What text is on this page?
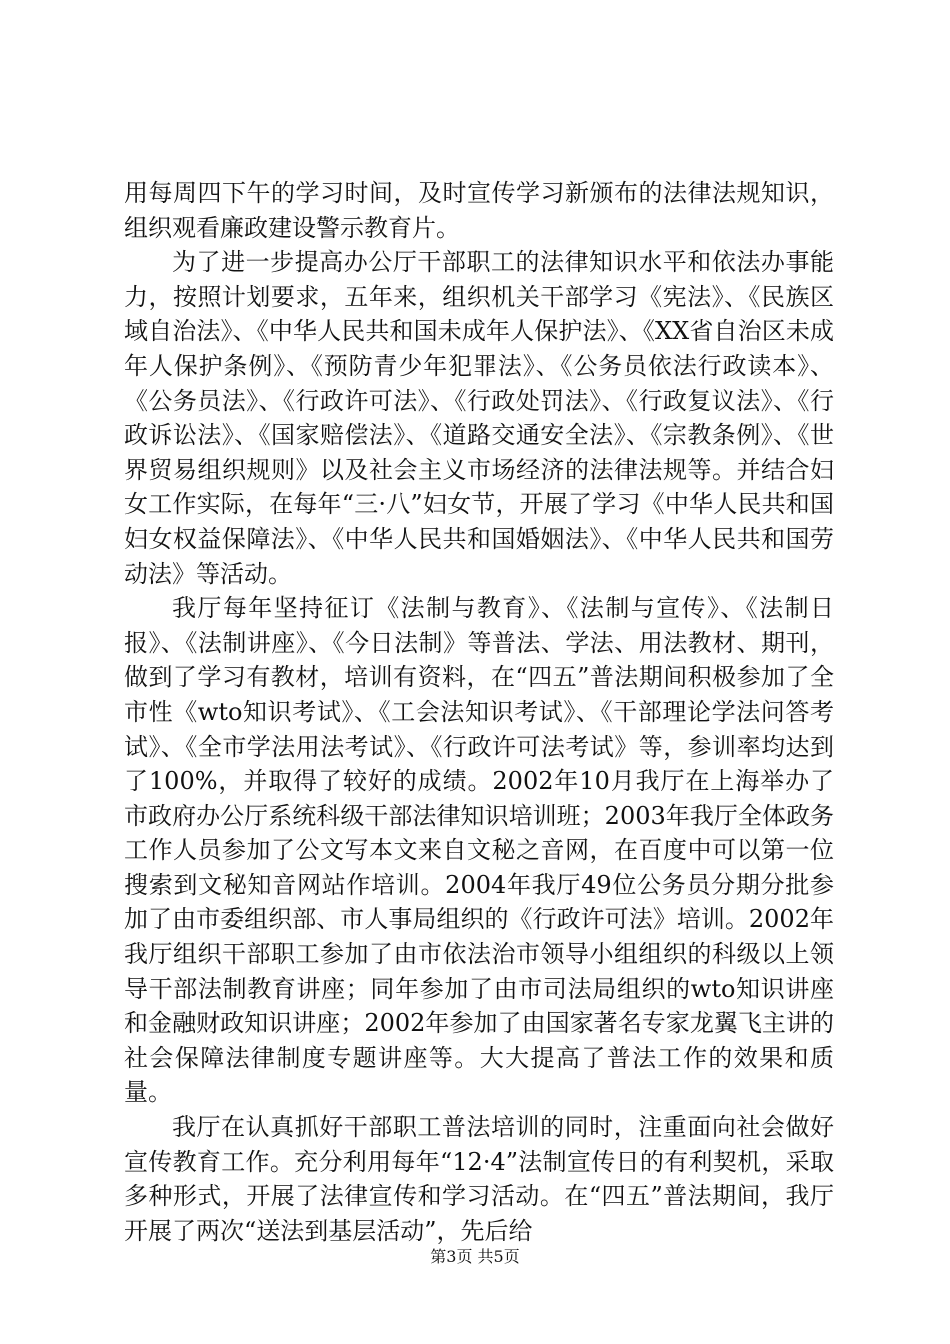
用每周四下午的学习时间，及时宣传学习新颁布的法律法规知识，组织观看廉政建设警示教育片。

为了进一步提高办公厅干部职工的法律知识水平和依法办事能力，按照计划要求，五年来，组织机关干部学习《宪法》、《民族区域自治法》、《中华人民共和国未成年人保护法》、《XX省自治区未成年人保护条例》、《预防青少年犯罪法》、《公务员依法行政读本》、《公务员法》、《行政许可法》、《行政处罚法》、《行政复议法》、《行政诉讼法》、《国家赔偿法》、《道路交通安全法》、《宗教条例》、《世界贸易组织规则》以及社会主义市场经济的法律法规等。并结合妇女工作实际，在每年“三·八”妇女节，开展了学习《中华人民共和国妇女权益保障法》、《中华人民共和国婚姻法》、《中华人民共和国劳动法》等活动。

我厅每年坚持征订《法制与教育》、《法制与宣传》、《法制日报》、《法制讲座》、《今日法制》等普法、学法、用法教材、期刊，做到了学习有教材，培训有资料，在“四五”普法期间积极参加了全市性《wto知识考试》、《工会法知识考试》、《干部理论学法问答考试》、《全市学法用法考试》、《行政许可法考试》等，参训率均达到了100%，并取得了较好的成绩。2002年10月我厅在上海举办了市政府办公厅系统科级干部法律知识培训班；2003年我厅全体政务工作人员参加了公文写本文来自文秘之音网，在百度中可以第一位搜索到文秘知音网站作培训。2004年我厅49位公务员分期分批参加了由市委组织部、市人事局组织的《行政许可法》培训。2002年我厅组织干部职工参加了由市依法治市领导小组组织的科级以上领导干部法制教育讲座；同年参加了由市司法局组织的wto知识讲座和金融财政知识讲座；2002年参加了由国家著名专家龙翼飞主讲的社会保障法律制度专题讲座等。大大提高了普法工作的效果和质量。

我厅在认真抓好干部职工普法培训的同时，注重面向社会做好宣传教育工作。充分利用每年“12·4”法制宣传日的有利契机，采取多种形式，开展了法律宣传和学习活动。在“四五”普法期间，我厅开展了两次“送法到基层活动”，先后给

第3页 共5页
